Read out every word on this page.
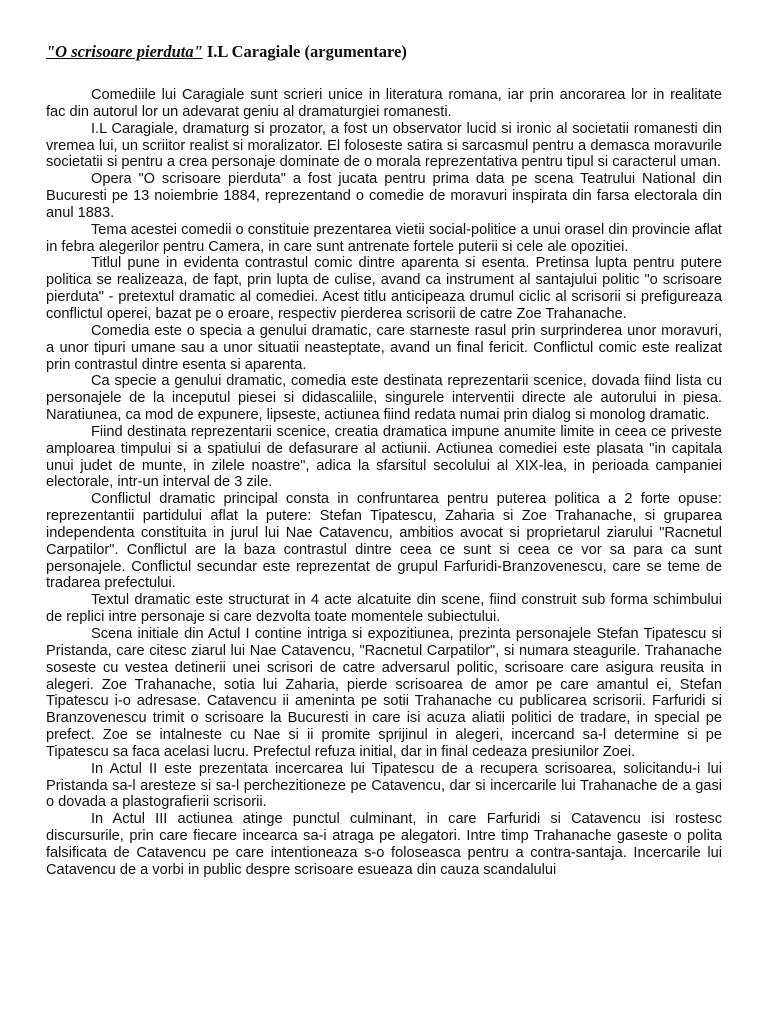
"O scrisoare pierduta" I.L Caragiale (argumentare)

Comediile lui Caragiale sunt scrieri unice in literatura romana, iar prin ancorarea lor in realitate fac din autorul lor un adevarat geniu al dramaturgiei romanesti.

I.L Caragiale, dramaturg si prozator, a fost un observator lucid si ironic al societatii romanesti din vremea lui, un scriitor realist si moralizator. El foloseste satira si sarcasmul pentru a demasca moravurile societatii si pentru a crea personaje dominate de o morala reprezentativa pentru tipul si caracterul uman.

Opera "O scrisoare pierduta" a fost jucata pentru prima data pe scena Teatrului National din Bucuresti pe 13 noiembrie 1884, reprezentand o comedie de moravuri inspirata din farsa electorala din anul 1883.

Tema acestei comedii o constituie prezentarea vietii social-politice a unui orasel din provincie aflat in febra alegerilor pentru Camera, in care sunt antrenate fortele puterii si cele ale opozitiei.

Titlul pune in evidenta contrastul comic dintre aparenta si esenta. Pretinsa lupta pentru putere politica se realizeaza, de fapt, prin lupta de culise, avand ca instrument al santajului politic "o scrisoare pierduta" - pretextul dramatic al comediei. Acest titlu anticipeaza drumul ciclic al scrisorii si prefigureaza conflictul operei, bazat pe o eroare, respectiv pierderea scrisorii de catre Zoe Trahanache.

Comedia este o specia a genului dramatic, care starneste rasul prin surprinderea unor moravuri, a unor tipuri umane sau a unor situatii neasteptate, avand un final fericit. Conflictul comic este realizat prin contrastul dintre esenta si aparenta.

Ca specie a genului dramatic, comedia este destinata reprezentarii scenice, dovada fiind lista cu personajele de la inceputul piesei si didascaliile, singurele interventii directe ale autorului in piesa. Naratiunea, ca mod de expunere, lipseste, actiunea fiind redata numai prin dialog si monolog dramatic.

Fiind destinata reprezentarii scenice, creatia dramatica impune anumite limite in ceea ce priveste amploarea timpului si a spatiului de defasurare al actiunii. Actiunea comediei este plasata "in capitala unui judet de munte, in zilele noastre", adica la sfarsitul secolului al XIX-lea, in perioada campaniei electorale, intr-un interval de 3 zile.

Conflictul dramatic principal consta in confruntarea pentru puterea politica a 2 forte opuse: reprezentantii partidului aflat la putere: Stefan Tipatescu, Zaharia si Zoe Trahanache, si gruparea independenta constituita in jurul lui Nae Catavencu, ambitios avocat si proprietarul ziarului "Racnetul Carpatilor". Conflictul are la baza contrastul dintre ceea ce sunt si ceea ce vor sa para ca sunt personajele. Conflictul secundar este reprezentat de grupul Farfuridi-Branzovenescu, care se teme de tradarea prefectului.

Textul dramatic este structurat in 4 acte alcatuite din scene, fiind construit sub forma schimbului de replici intre personaje si care dezvolta toate momentele subiectului.

Scena initiale din Actul I contine intriga si expozitiunea, prezinta personajele Stefan Tipatescu si Pristanda, care citesc ziarul lui Nae Catavencu, "Racnetul Carpatilor", si numara steagurile. Trahanache soseste cu vestea detinerii unei scrisori de catre adversarul politic, scrisoare care asigura reusita in alegeri. Zoe Trahanache, sotia lui Zaharia, pierde scrisoarea de amor pe care amantul ei, Stefan Tipatescu i-o adresase. Catavencu ii ameninta pe sotii Trahanache cu publicarea scrisorii. Farfuridi si Branzovenescu trimit o scrisoare la Bucuresti in care isi acuza aliatii politici de tradare, in special pe prefect. Zoe se intalneste cu Nae si ii promite sprijinul in alegeri, incercand sa-l determine si pe Tipatescu sa faca acelasi lucru. Prefectul refuza initial, dar in final cedeaza presiunilor Zoei.

In Actul II este prezentata incercarea lui Tipatescu de a recupera scrisoarea, solicitandu-i lui Pristanda sa-l aresteze si sa-l perchezitioneze pe Catavencu, dar si incercarile lui Trahanache de a gasi o dovada a plastografierii scrisorii.

In Actul III actiunea atinge punctul culminant, in care Farfuridi si Catavencu isi rostesc discursurile, prin care fiecare incearca sa-i atraga pe alegatori. Intre timp Trahanache gaseste o polita falsificata de Catavencu pe care intentioneaza s-o foloseasca pentru a contra-santaja. Incercarile lui Catavencu de a vorbi in public despre scrisoare esueaza din cauza scandalului
